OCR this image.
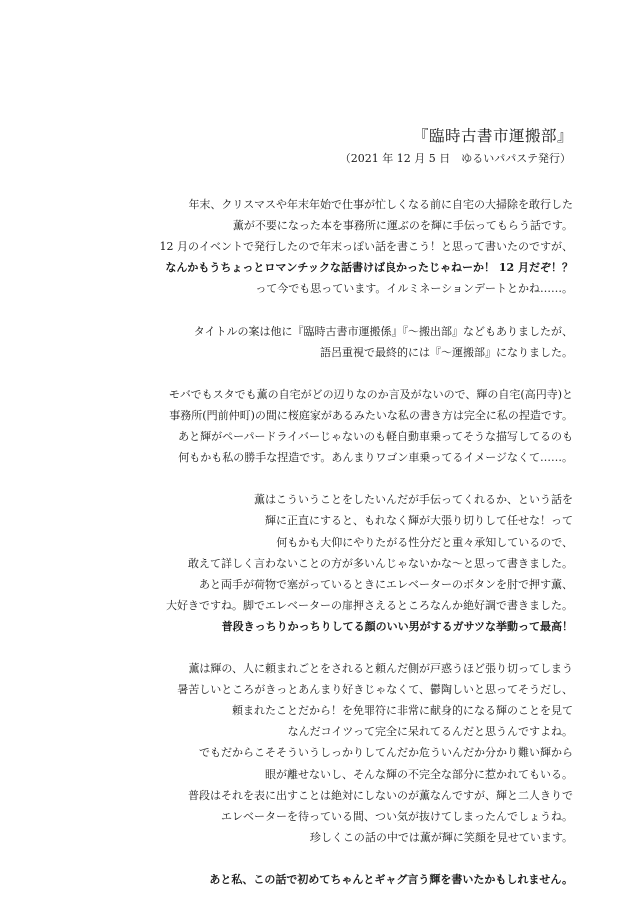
『臨時古書市運搬部』
（2021 年 12 月 5 日　ゆるいパパステ発行）
年末、クリスマスや年末年始で仕事が忙しくなる前に自宅の大掃除を敢行した
薫が不要になった本を事務所に運ぶのを輝に手伝ってもらう話です。
12 月のイベントで発行したので年末っぽい話を書こう！と思って書いたのですが、
なんかもうちょっとロマンチックな話書けば良かったじゃねーか！ 12 月だぞ！？
って今でも思っています。イルミネーションデートとかね……。
タイトルの案は他に『臨時古書市運搬係』『～搬出部』などもありましたが、
語呂重視で最終的には『～運搬部』になりました。
モバでもスタでも薫の自宅がどの辺りなのか言及がないので、輝の自宅(高円寺)と
事務所(門前仲町)の間に桜庭家があるみたいな私の書き方は完全に私の捏造です。
あと輝がペーパードライバーじゃないのも軽自動車乗ってそうな描写してるのも
何もかも私の勝手な捏造です。あんまりワゴン車乗ってるイメージなくて……。
薫はこういうことをしたいんだが手伝ってくれるか、という話を
輝に正直にすると、もれなく輝が大張り切りして任せな！って
何もかも大仰にやりたがる性分だと重々承知しているので、
敢えて詳しく言わないことの方が多いんじゃないかな～と思って書きました。
あと両手が荷物で塞がっているときにエレベーターのボタンを肘で押す薫、
大好きですね。脚でエレベーターの扉押さえるところなんか絶好調で書きました。
普段きっちりかっちりしてる顔のいい男がするガサツな挙動って最高！
薫は輝の、人に頼まれごとをされると頼んだ側が戸惑うほど張り切ってしまう
暑苦しいところがきっとあんまり好きじゃなくて、鬱陶しいと思ってそうだし、
頼まれたことだから！を免罪符に非常に献身的になる輝のことを見て
なんだコイツって完全に呆れてるんだと思うんですよね。
でもだからこそそういうしっかりしてんだか危ういんだか分かり難い輝から
眼が離せないし、そんな輝の不完全な部分に惹かれてもいる。
普段はそれを表に出すことは絶対にしないのが薫なんですが、輝と二人きりで
エレベーターを待っている間、つい気が抜けてしまったんでしょうね。
珍しくこの話の中では薫が輝に笑顔を見せています。
あと私、この話で初めてちゃんとギャグ言う輝を書いたかもしれません。
